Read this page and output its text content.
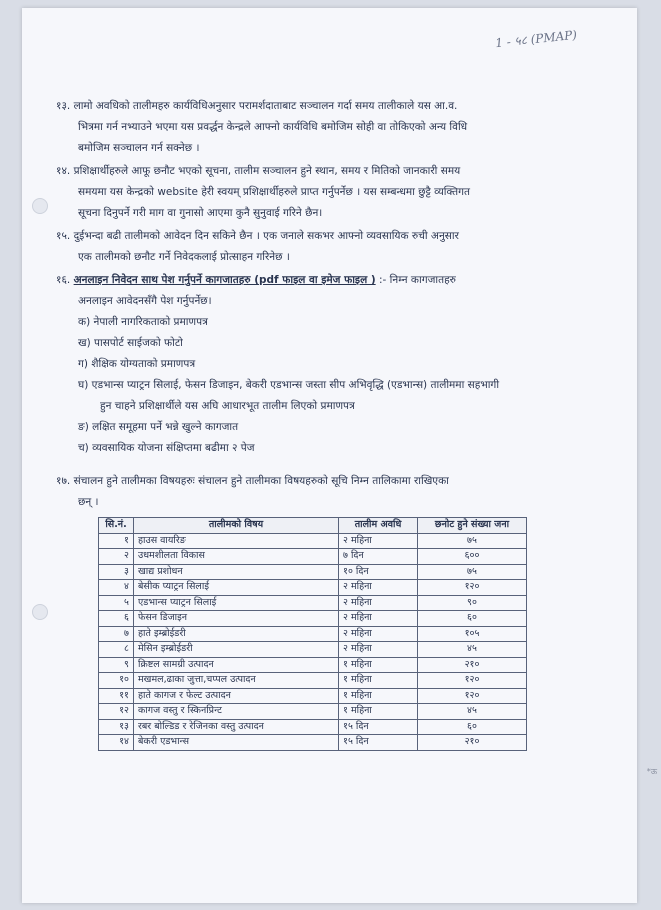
1 - ५८ (PMAP)

१३. लामो अवधिको तालीमहरु कार्यविधिअनुसार परामर्शदाताबाट सञ्चालन गर्दा समय तालीकाले यस आ.व.

भित्रमा गर्न नभ्याउने भएमा यस प्रवर्द्धन केन्द्रले आफ्नो कार्यविधि बमोजिम सोही वा तोकिएको अन्य विधि

बमोजिम सञ्चालन गर्न सक्नेछ ।

१४. प्रशिक्षार्थीहरुले आफू छनौट भएको सूचना, तालीम सञ्चालन हुने स्थान, समय र मितिको जानकारी समय

समयमा यस केन्द्रको website हेरी स्वयम् प्रशिक्षार्थीहरुले प्राप्त गर्नुपर्नेछ । यस सम्बन्धमा छुट्टै व्यक्तिगत

सूचना दिनुपर्ने गरी माग वा गुनासो आएमा कुनै सुनुवाई गरिने छैन।

१५. दुईभन्दा बढी तालीमको आवेदन दिन सकिने छैन । एक जनाले सकभर आफ्नो व्यवसायिक रुची अनुसार

एक तालीमको छनौट गर्ने निवेदकलाई प्रोत्साहन गरिनेछ ।

१६. अनलाइन निवेदन साथ पेश गर्नुपर्ने कागजातहरु (pdf फाइल वा इमेज फाइल ) :- निम्न कागजातहरु

अनलाइन आवेदनसँगै पेश गर्नुपर्नेछ।

क) नेपाली नागरिकताको प्रमाणपत्र

ख) पासपोर्ट साईजको फोटो

ग) शैक्षिक योग्यताको प्रमाणपत्र

घ) एडभान्स प्याट्रन सिलाई, फेसन डिजाइन, बेकरी एडभान्स जस्ता सीप अभिवृद्धि (एडभान्स) तालीममा सहभागी

हुन चाहने प्रशिक्षार्थीले यस अघि आधारभूत तालीम लिएको प्रमाणपत्र

ङ) लक्षित समूहमा पर्ने भन्ने खुल्ने कागजात

च) व्यवसायिक योजना संक्षिप्तमा बढीमा २ पेज

१७. संचालन हुने तालीमका विषयहरुः संचालन हुने तालीमका विषयहरुको सूचि निम्न तालिकामा राखिएका

छन् ।

सि.नं.	तालीमको विषय	तालीम अवधि	छनोट हुने संख्या जना
१	हाउस वायरिङ	२ महिना	७५
२	उधमशीलता विकास	७ दिन	६००
३	खाद्य प्रशोधन	१० दिन	७५
४	बेसीक प्याट्रन सिलाई	२ महिना	१२०
५	एडभान्स प्याट्रन सिलाई	२ महिना	९०
६	फेसन डिजाइन	२ महिना	६०
७	हाते इम्ब्रोईडरी	२ महिना	१०५
८	मेसिन इम्ब्रोईडरी	२ महिना	४५
९	क्रिष्टल सामग्री उत्पादन	१ महिना	२१०
१०	मखमल,ढाका जुत्ता,चप्पल उत्पादन	१ महिना	१२०
११	हाते कागज र फेल्ट उत्पादन	१ महिना	१२०
१२	कागज वस्तु र स्किनप्रिन्ट	१ महिना	४५
१३	रबर बोल्डिड र रेजिनका वस्तु उत्पादन	१५ दिन	६०
१४	बेकरी एडभान्स	१५ दिन	२१०
*ऊ
